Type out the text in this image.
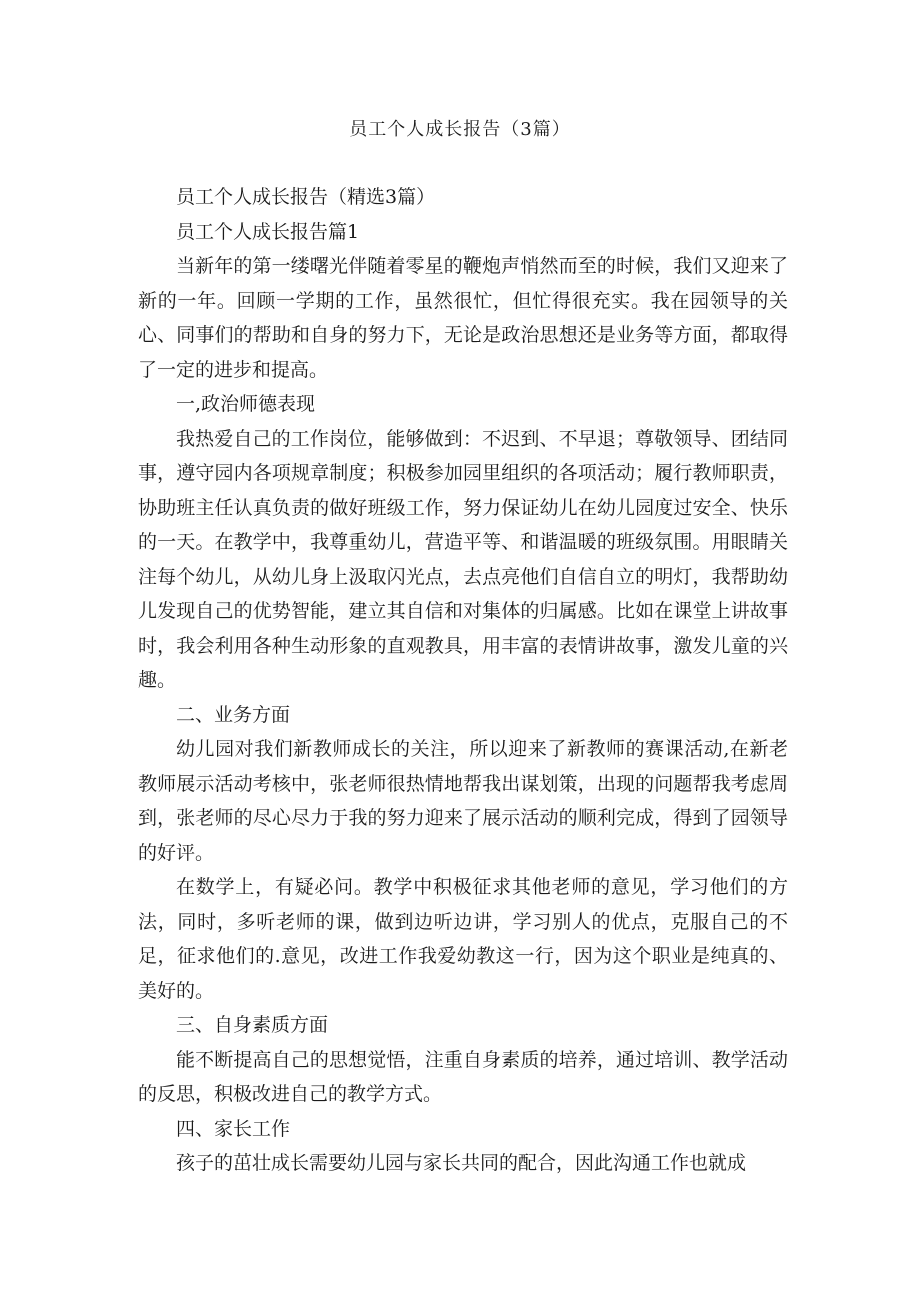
员工个人成长报告（3篇）

员工个人成长报告（精选3篇）

员工个人成长报告篇1

当新年的第一缕曙光伴随着零星的鞭炮声悄然而至的时候，我们又迎来了新的一年。回顾一学期的工作，虽然很忙，但忙得很充实。我在园领导的关心、同事们的帮助和自身的努力下，无论是政治思想还是业务等方面，都取得了一定的进步和提高。

一,政治师德表现

我热爱自己的工作岗位，能够做到：不迟到、不早退；尊敬领导、团结同事，遵守园内各项规章制度；积极参加园里组织的各项活动；履行教师职责，协助班主任认真负责的做好班级工作，努力保证幼儿在幼儿园度过安全、快乐的一天。在教学中，我尊重幼儿，营造平等、和谐温暖的班级氛围。用眼睛关注每个幼儿，从幼儿身上汲取闪光点，去点亮他们自信自立的明灯，我帮助幼儿发现自己的优势智能，建立其自信和对集体的归属感。比如在课堂上讲故事时，我会利用各种生动形象的直观教具，用丰富的表情讲故事，激发儿童的兴趣。

二、业务方面

幼儿园对我们新教师成长的关注，所以迎来了新教师的赛课活动,在新老教师展示活动考核中，张老师很热情地帮我出谋划策，出现的问题帮我考虑周到，张老师的尽心尽力于我的努力迎来了展示活动的顺利完成，得到了园领导的好评。

在数学上，有疑必问。教学中积极征求其他老师的意见，学习他们的方法，同时，多听老师的课，做到边听边讲，学习别人的优点，克服自己的不足，征求他们的.意见，改进工作我爱幼教这一行，因为这个职业是纯真的、美好的。

三、自身素质方面

能不断提高自己的思想觉悟，注重自身素质的培养，通过培训、教学活动的反思，积极改进自己的教学方式。

四、家长工作

孩子的茁壮成长需要幼儿园与家长共同的配合，因此沟通工作也就成
